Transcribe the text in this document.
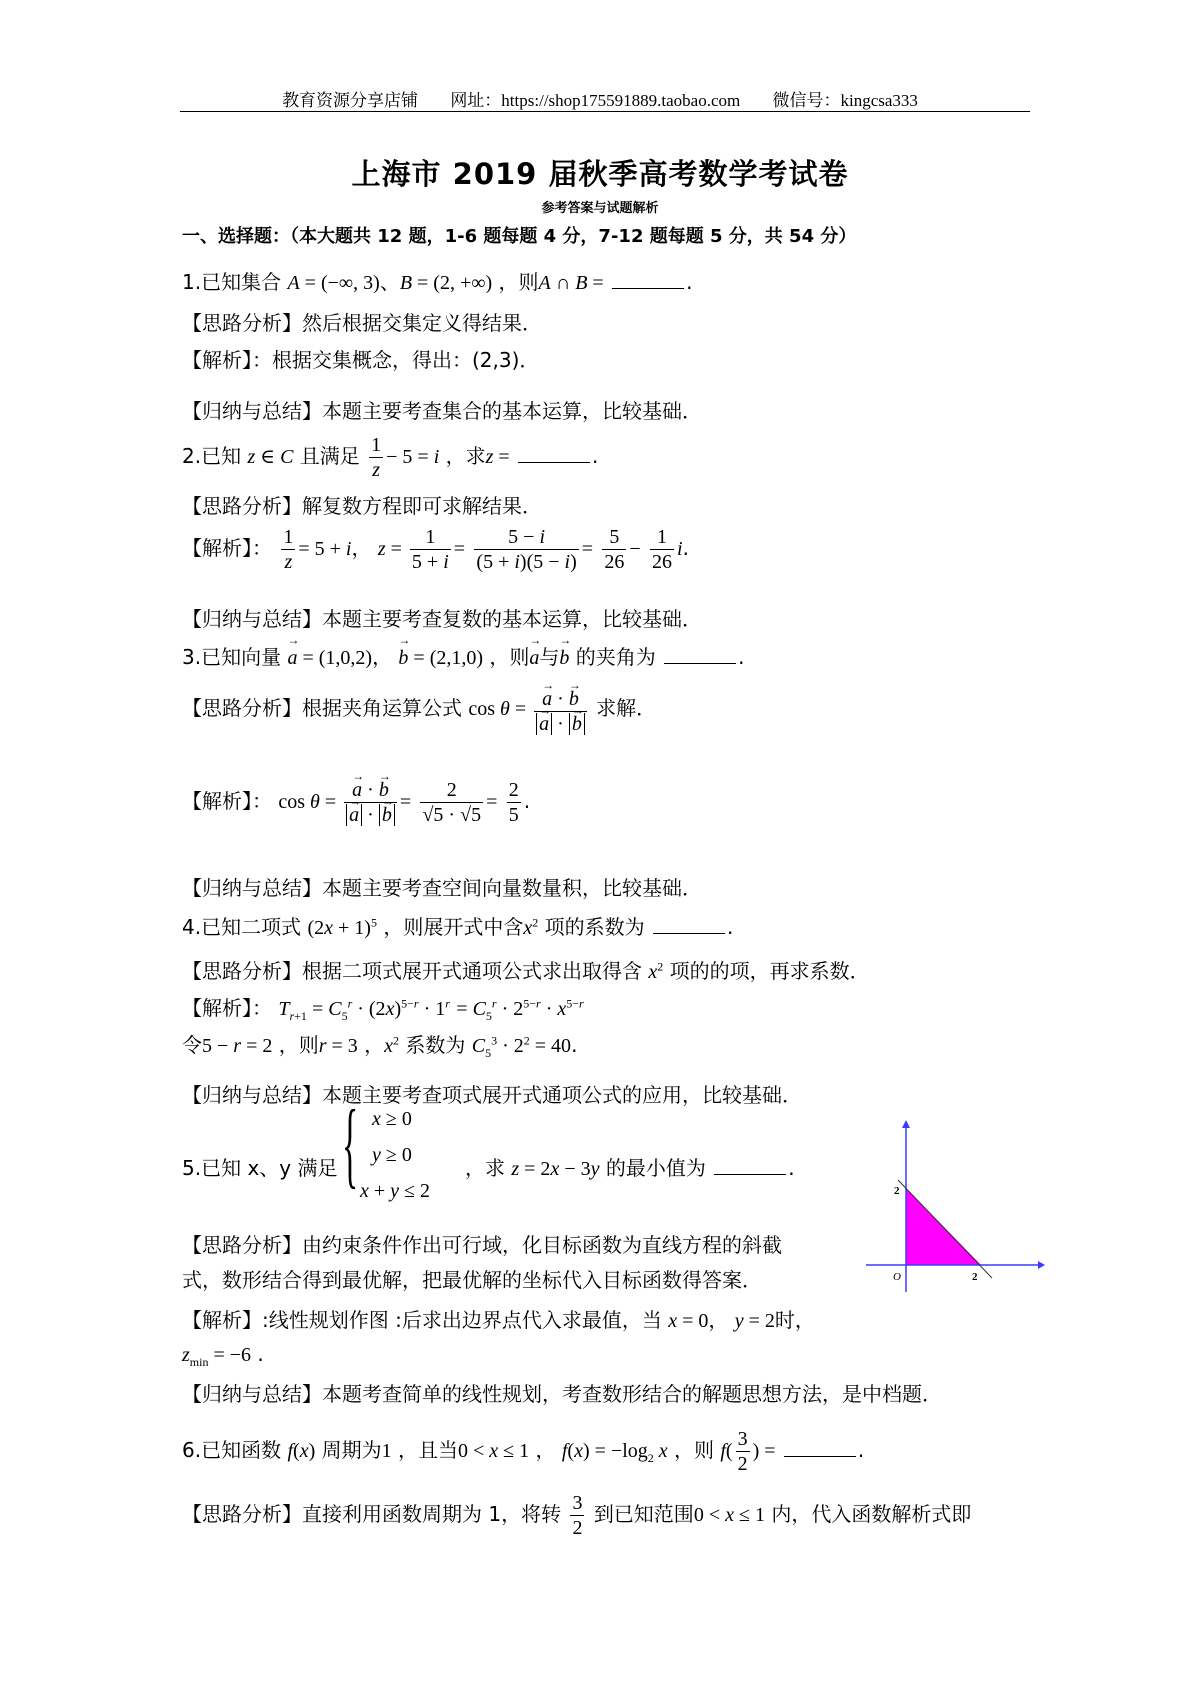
教育资源分享店铺 网址：https://shop175591889.taobao.com 微信号：kingcsa333
上海市 2019 届秋季高考数学考试卷
参考答案与试题解析
一、选择题：（本大题共 12 题，1-6 题每题 4 分，7-12 题每题 5 分，共 54 分）
1.已知集合 A = (−∞, 3)、B = (2, +∞) ，则A ∩ B =	.
【思路分析】然后根据交集定义得结果．
【解析】：根据交集概念，得出：(2,3)．
【归纳与总结】本题主要考查集合的基本运算，比较基础．
2.已知 z ∈ C 且满足 $\frac{1}{z} - 5 = i$ ，求z =	.
【思路分析】解复数方程即可求解结果．
【解析】： $\frac{1}{z} = 5 + i$， $z = \frac{1}{5 + i} = \frac{5 - i}{(5 + i)(5 - i)} = \frac{5}{26} - \frac{1}{26} i$.
【归纳与总结】本题主要考查复数的基本运算，比较基础．
3.已知向量 → a = (1,0,2)， → b = (2,1,0) ，则→ a与→ b 的夹角为	.
【思路分析】根据夹角运算公式 cos θ = → a · → b
→ a · → b 求解．
【解析】： cos θ = → a · → b
→ a · → $b = \frac{2}{√5 \cdot √5} = \frac{2}{5}$ .
【归纳与总结】本题主要考查空间向量数量积，比较基础．
4.已知二项式 $(2x + 1)^5$ ，则展开式中含$x^2$ 项的系数为	.
【思路分析】根据二项式展开式通项公式求出取得含 $x^2$ 项的的项，再求系数．
【解析】： $T_{r+1} = C_5^r \cdot (2x)^{5-r} \cdot 1^r = C_5^r \cdot 2^{5-r} \cdot x^{5-r}$
令5 − r = 2 ，则r = 3 ，$x^2$ 系数为 $C_5^3 \cdot 2^2 = 40$.
【归纳与总结】本题主要考查项式展开式通项公式的应用，比较基础．
5.已知 x、y 满足 { x ≥ 0
y ≥ 0
x + y ≤ 2
，求 z = 2x − 3y 的最小值为	.
【思路分析】由约束条件作出可行域，化目标函数为直线方程的斜截
式，数形结合得到最优解，把最优解的坐标代入目标函数得答案．
【解析】:线性规划作图 :后求出边界点代入求最值，当 x = 0， y = 2时，
$z_{min} = -6$ .
【归纳与总结】本题考查简单的线性规划，考查数形结合的解题思想方法，是中档题．
2
2
O
6.已知函数 f(x) 周期为1 ，且当0 < x ≤ 1 ， $f(x) = -\log_2$ x ，则 $f( \frac{3}{2}$ ) =	.
【思路分析】直接利用函数周期为 1，将转 $\frac{3}{2}$ 到已知范围0 < x ≤ 1 内，代入函数解析式即
